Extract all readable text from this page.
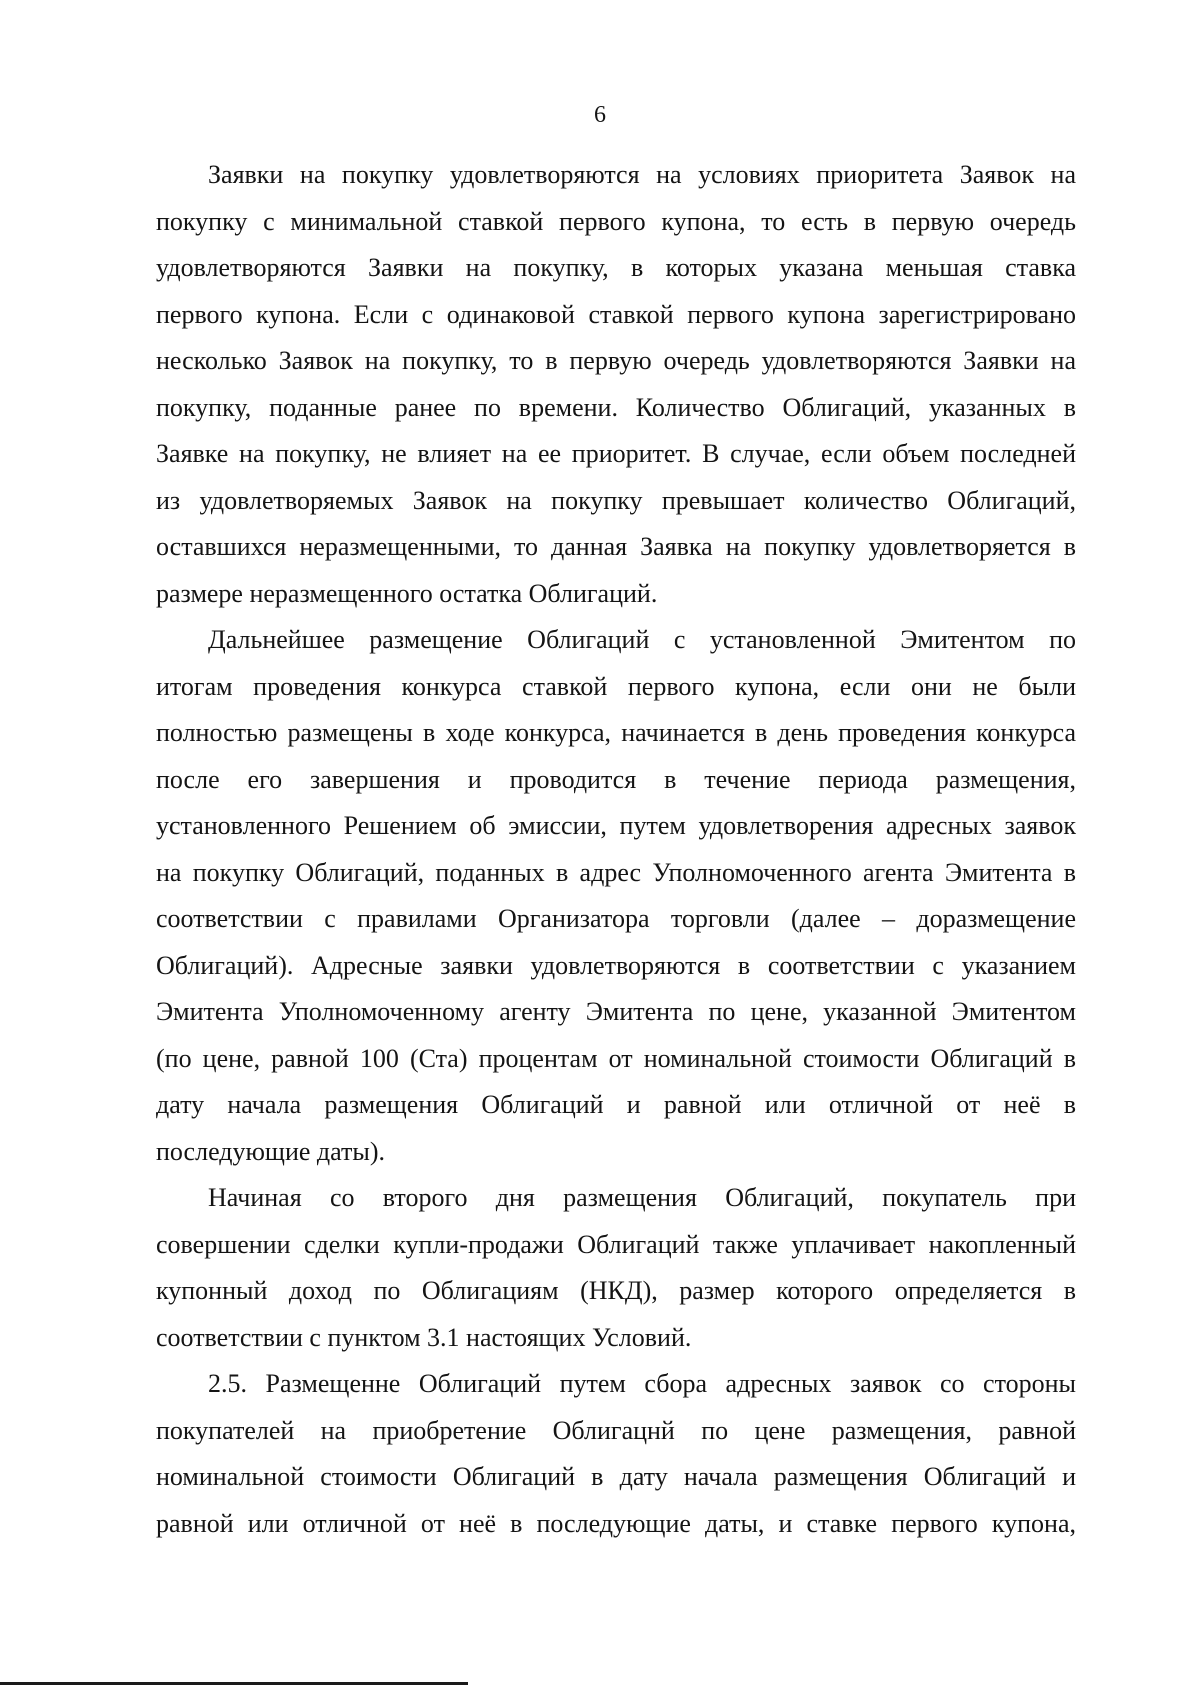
6

Заявки на покупку удовлетворяются на условиях приоритета Заявок на
покупку с минимальной ставкой первого купона, то есть в первую очередь
удовлетворяются Заявки на покупку, в которых указана меньшая ставка
первого купона. Если с одинаковой ставкой первого купона зарегистрировано
несколько Заявок на покупку, то в первую очередь удовлетворяются Заявки на
покупку, поданные ранее по времени. Количество Облигаций, указанных в
Заявке на покупку, не влияет на ее приоритет. В случае, если объем последней
из удовлетворяемых Заявок на покупку превышает количество Облигаций,
оставшихся неразмещенными, то данная Заявка на покупку удовлетворяется в
размере неразмещенного остатка Облигаций.

Дальнейшее размещение Облигаций с установленной Эмитентом по
итогам проведения конкурса ставкой первого купона, если они не были
полностью размещены в ходе конкурса, начинается в день проведения конкурса
после его завершения и проводится в течение периода размещения,
установленного Решением об эмиссии, путем удовлетворения адресных заявок
на покупку Облигаций, поданных в адрес Уполномоченного агента Эмитента в
соответствии с правилами Организатора торговли (далее – доразмещение
Облигаций). Адресные заявки удовлетворяются в соответствии с указанием
Эмитента Уполномоченному агенту Эмитента по цене, указанной Эмитентом
(по цене, равной 100 (Ста) процентам от номинальной стоимости Облигаций в
дату начала размещения Облигаций и равной или отличной от неё в
последующие даты).

Начиная со второго дня размещения Облигаций, покупатель при
совершении сделки купли-продажи Облигаций также уплачивает накопленный
купонный доход по Облигациям (НКД), размер которого определяется в
соответствии с пунктом 3.1 настоящих Условий.

2.5. Размещенне Облигаций путем сбора адресных заявок со стороны
покупателей на приобретение Облигацнй по цене размещения, равной
номинальной стоимости Облигаций в дату начала размещения Облигаций и
равной или отличной от неё в последующие даты, и ставке первого купона,
